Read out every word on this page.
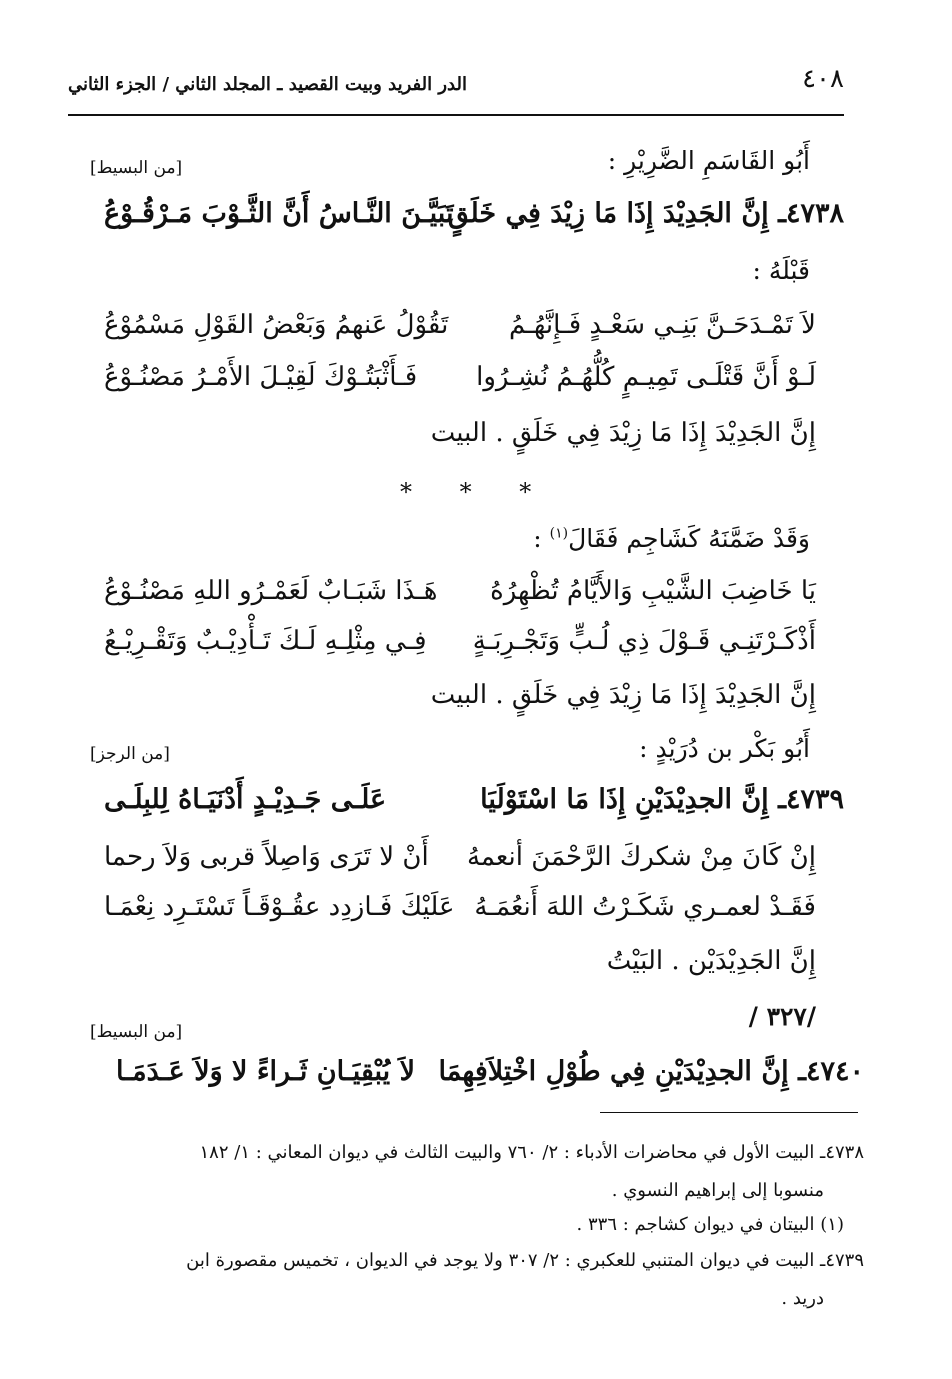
٤٠٨
الدر الفريد وبيت القصيد ـ المجلد الثاني / الجزء الثاني
أَبُو القَاسَمِ الضَّرِيْرِ :
[من البسيط]
٤٧٣٨ـ إِنَّ الجَدِيْدَ إِذَا مَا زِيْدَ فِي خَلَقٍ
تَبَيَّـنَ النَّـاسُ أَنَّ الثَّـوْبَ مَـرْقُـوْعُ
قَبْلَهُ :
لاَ تَمْـدَحَـنَّ بَنِـي سَعْـدٍ فَـإِنَّهُـمُ
تَقُوْلُ عَنهمُ وَبَعْضُ القَوْلِ مَسْمُوْعُ
لَـوْ أَنَّ قَتْلَـى تَمِيـمٍ كُلُّهُـمُ نُشِـرُوا
فَـأَثْبَتُـوْكَ لَقِيْـلَ الأَمْـرُ مَصْنُـوْعُ
إِنَّ الجَدِيْدَ إِذَا مَا زِيْدَ فِي خَلَقٍ . البيت
* * *
وَقَدْ ضَمَّنَهُ كَشَاجِم فَقَالَ$^{(١)}$ :
يَا خَاضِبَ الشَّيْبِ وَالأَيَّامُ تُظْهِرُهُ
هَـذَا شَبَـابٌ لَعَمْـرُو اللهِ مَصْنُـوْعُ
أَذْكَـرْتَنِـي قَـوْلَ ذِي لُـبٍّ وَتَجْـرِبَـةٍ
فِـي مِثْلِـهِ لَـكَ تَـأْدِيْـبٌ وَتَقْـرِيْـعُ
إِنَّ الجَدِيْدَ إِذَا مَا زِيْدَ فِي خَلَقٍ . البيت
أَبُو بَكْر بن دُرَيْدٍ :
[من الرجز]
٤٧٣٩ـ إِنَّ الجدِيْدَيْنِ إِذَا مَا اسْتَوْلَيَا
عَلَـى جَـدِيْـدٍ أَدْنَيَـاهُ لِلبِلَـى
إِنْ كَانَ مِنْ شكركَ الرَّحْمَنَ أنعمهُ
أَنْ لا تَرَى وَاصِلاً قربى وَلاَ رحما
فَقَـدْ لعمـري شَكَـرْتُ اللهَ أَنعُمَـهُ
عَلَيْكَ فَـازدِد عقُـوْقَـاً تَسْتَـرِد نِعْمَـا
إِنَّ الجَدِيْدَيْن . البَيْتُ
/٣٢٧ /
[من البسيط]
٤٧٤٠ـ إِنَّ الجدِيْدَيْنِ فِي طُوْلِ اخْتِلاَفِهِمَا
لاَ يُبْقِيَـانِ ثَـراءً لا وَلاَ عَـدَمَـا
٤٧٣٨ـ البيت الأول في محاضرات الأدباء : ٢/ ٧٦٠ والبيت الثالث في ديوان المعاني : ١/ ١٨٢
منسوبا إلى إبراهيم النسوي .
(١) البيتان في ديوان كشاجم : ٣٣٦ .
٤٧٣٩ـ البيت في ديوان المتنبي للعكبري : ٢/ ٣٠٧ ولا يوجد في الديوان ، تخميس مقصورة ابن
دريد .
